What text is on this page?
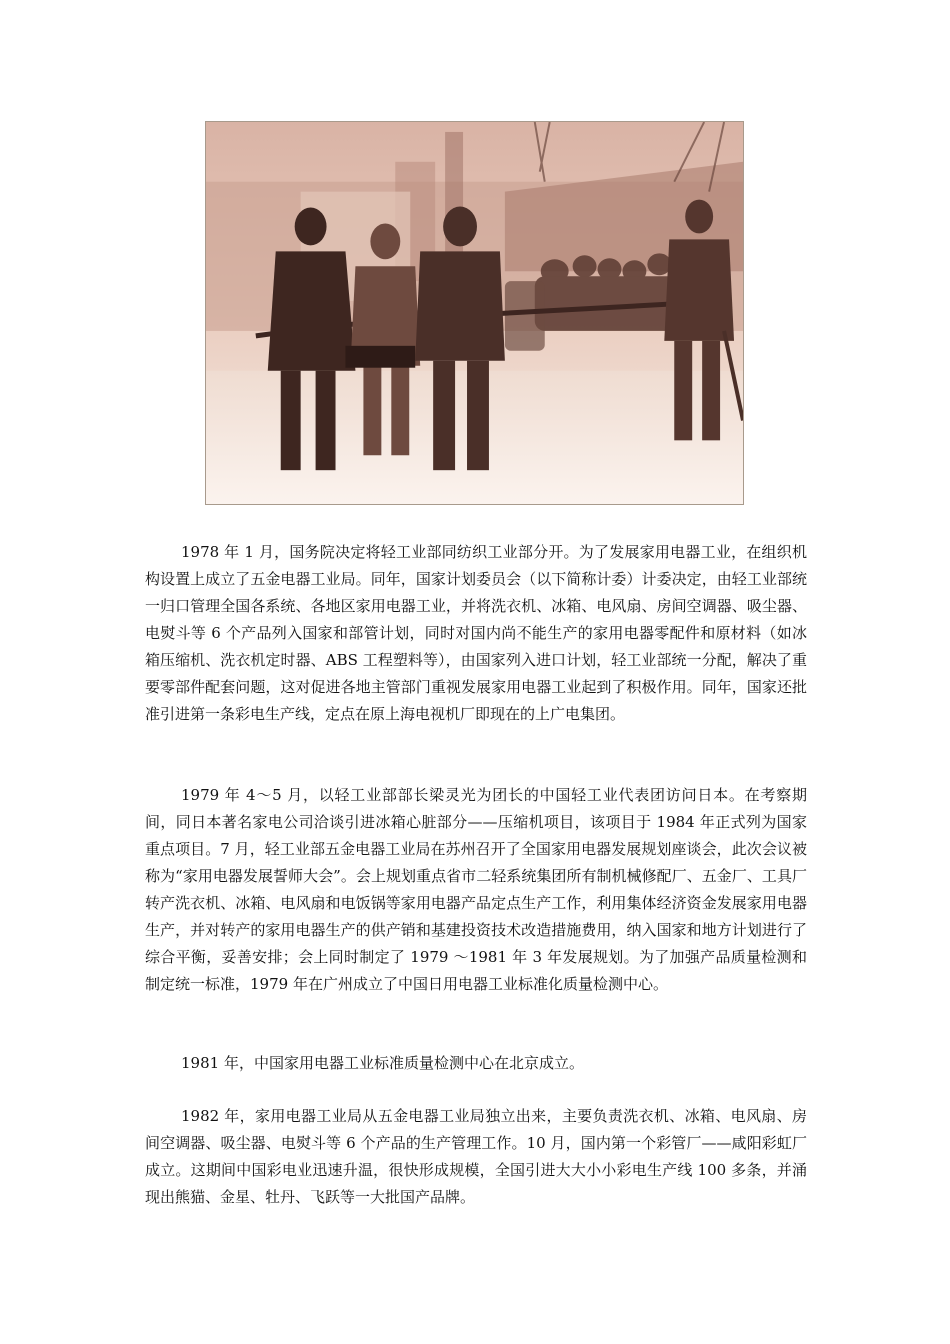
1978 年 1 月，国务院决定将轻工业部同纺织工业部分开。为了发展家用电器工业，在组织机构设置上成立了五金电器工业局。同年，国家计划委员会（以下简称计委）计委决定，由轻工业部统一归口管理全国各系统、各地区家用电器工业，并将洗衣机、冰箱、电风扇、房间空调器、吸尘器、电熨斗等 6 个产品列入国家和部管计划，同时对国内尚不能生产的家用电器零配件和原材料（如冰箱压缩机、洗衣机定时器、ABS 工程塑料等），由国家列入进口计划，轻工业部统一分配，解决了重要零部件配套问题，这对促进各地主管部门重视发展家用电器工业起到了积极作用。同年，国家还批准引进第一条彩电生产线，定点在原上海电视机厂即现在的上广电集团。

1979 年 4～5 月，以轻工业部部长梁灵光为团长的中国轻工业代表团访问日本。在考察期间，同日本著名家电公司洽谈引进冰箱心脏部分——压缩机项目，该项目于 1984 年正式列为国家重点项目。7 月，轻工业部五金电器工业局在苏州召开了全国家用电器发展规划座谈会，此次会议被称为“家用电器发展誓师大会”。会上规划重点省市二轻系统集团所有制机械修配厂、五金厂、工具厂转产洗衣机、冰箱、电风扇和电饭锅等家用电器产品定点生产工作，利用集体经济资金发展家用电器生产，并对转产的家用电器生产的供产销和基建投资技术改造措施费用，纳入国家和地方计划进行了综合平衡，妥善安排；会上同时制定了 1979 ～1981 年 3 年发展规划。为了加强产品质量检测和制定统一标准，1979 年在广州成立了中国日用电器工业标准化质量检测中心。

1981 年，中国家用电器工业标准质量检测中心在北京成立。

1982 年，家用电器工业局从五金电器工业局独立出来，主要负责洗衣机、冰箱、电风扇、房间空调器、吸尘器、电熨斗等 6 个产品的生产管理工作。10 月，国内第一个彩管厂——咸阳彩虹厂成立。这期间中国彩电业迅速升温，很快形成规模，全国引进大大小小彩电生产线 100 多条，并涌现出熊猫、金星、牡丹、飞跃等一大批国产品牌。
